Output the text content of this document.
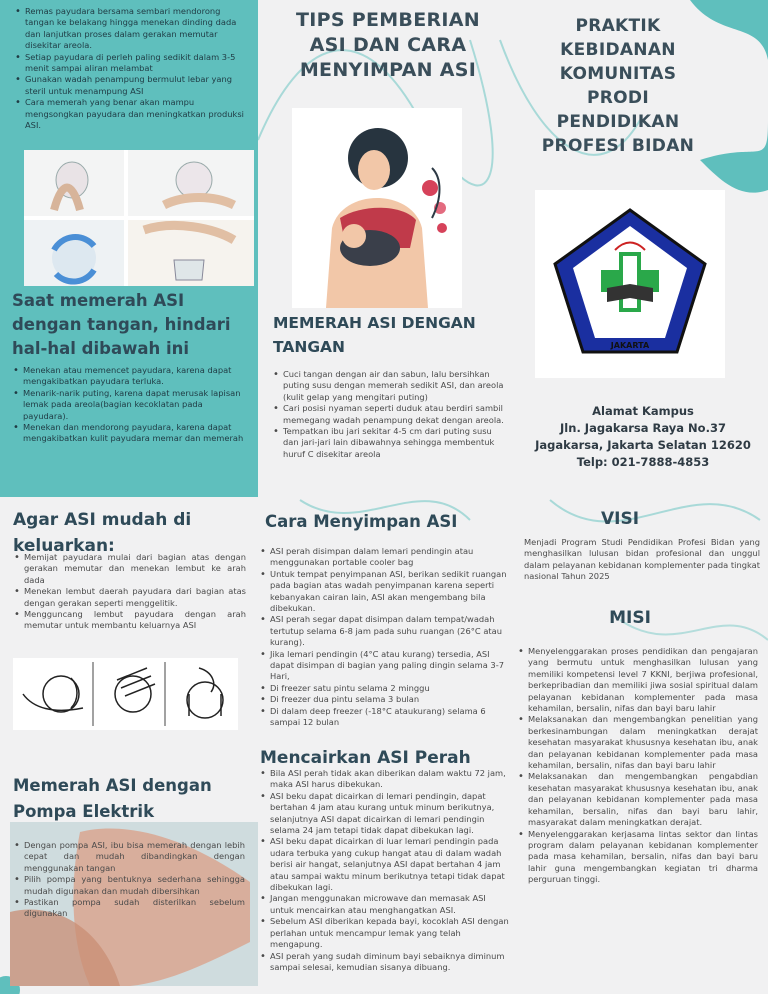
• Remas payudara bersama sembari mendorong tangan ke belakang hingga menekan dinding dada dan lanjutkan proses dalam gerakan memutar disekitar areola.
• Setiap payudara di perleh paling sedikit dalam 3-5 menit sampai aliran melambat
• Gunakan wadah penampung bermulut lebar yang steril untuk menampung ASI
• Cara memerah yang benar akan mampu mengsongkan payudara dan meningkatkan produksi ASI.
Saat memerah ASI dengan tangan, hindari hal-hal dibawah ini
• Menekan atau memencet payudara, karena dapat mengakibatkan payudara terluka.
• Menarik-narik puting, karena dapat merusak lapisan lemak pada areola(bagian kecoklatan pada payudara).
• Menekan dan mendorong payudara, karena dapat mengakibatkan kulit payudara memar dan memerah
TIPS PEMBERIAN ASI DAN CARA MENYIMPAN ASI
MEMERAH ASI DENGAN TANGAN
• Cuci tangan dengan air dan sabun, lalu bersihkan puting susu dengan memerah sedikit ASI, dan areola (kulit gelap yang mengitari puting)
• Cari posisi nyaman seperti duduk atau berdiri sambil memegang wadah penampung dekat dengan areola.
• Tempatkan ibu jari sekitar 4-5 cm dari puting susu dan jari-jari lain dibawahnya sehingga membentuk huruf C disekitar areola
PRAKTIK KEBIDANAN KOMUNITAS PRODI PENDIDIKAN PROFESI BIDAN
JAKARTA
Alamat Kampus
Jln. Jagakarsa Raya No.37
Jagakarsa, Jakarta Selatan 12620
Telp: 021-7888-4853
Agar ASI mudah di keluarkan:
• Memijat payudara mulai dari bagian atas dengan gerakan memutar dan menekan lembut ke arah dada
• Menekan lembut daerah payudara dari bagian atas dengan gerakan seperti menggelitik.
• Mengguncang lembut payudara dengan arah memutar untuk membantu keluarnya ASI
Memerah ASI dengan Pompa Elektrik
• Dengan pompa ASI, ibu bisa memerah dengan lebih cepat dan mudah dibandingkan dengan menggunakan tangan
• Pilih pompa yang bentuknya sederhana sehingga mudah digunakan dan mudah dibersihkan
• Pastikan pompa sudah disterilkan sebelum digunakan
Cara Menyimpan ASI
• ASI perah disimpan dalam lemari pendingin atau menggunakan portable cooler bag
• Untuk tempat penyimpanan ASI, berikan sedikit ruangan pada bagian atas wadah penyimpanan karena seperti kebanyakan cairan lain, ASI akan mengembang bila dibekukan.
• ASI perah segar dapat disimpan dalam tempat/wadah tertutup selama 6-8 jam pada suhu ruangan (26°C atau kurang).
• Jika lemari pendingin (4°C atau kurang) tersedia, ASI dapat disimpan di bagian yang paling dingin selama 3-7 Hari,
• Di freezer satu pintu selama 2 minggu
• Di freezer dua pintu selama 3 bulan
• Di dalam deep freezer (-18°C ataukurang) selama 6 sampai 12 bulan
Mencairkan ASI Perah
• Bila ASI perah tidak akan diberikan dalam waktu 72 jam, maka ASI harus dibekukan.
• ASI beku dapat dicairkan di lemari pendingin, dapat bertahan 4 jam atau kurang untuk minum berikutnya, selanjutnya ASI dapat dicairkan di lemari pendingin selama 24 jam tetapi tidak dapat dibekukan lagi.
• ASI beku dapat dicairkan di luar lemari pendingin pada udara terbuka yang cukup hangat atau di dalam wadah berisi air hangat, selanjutnya ASI dapat bertahan 4 jam atau sampai waktu minum berikutnya tetapi tidak dapat dibekukan lagi.
• Jangan menggunakan microwave dan memasak ASI untuk mencairkan atau menghangatkan ASI.
• Sebelum ASI diberikan kepada bayi, kocoklah ASI dengan perlahan untuk mencampur lemak yang telah mengapung.
• ASI perah yang sudah diminum bayi sebaiknya diminum sampai selesai, kemudian sisanya dibuang.
VISI
Menjadi Program Studi Pendidikan Profesi Bidan yang menghasilkan lulusan bidan profesional dan unggul dalam pelayanan kebidanan komplementer pada tingkat nasional Tahun 2025
MISI
• Menyelenggarakan proses pendidikan dan pengajaran yang bermutu untuk menghasilkan lulusan yang memiliki kompetensi level 7 KKNI, berjiwa profesional, berkepribadian dan memiliki jiwa sosial spiritual dalam pelayanan kebidanan komplementer pada masa kehamilan, bersalin, nifas dan bayi baru lahir
• Melaksanakan dan mengembangkan penelitian yang berkesinambungan dalam meningkatkan derajat kesehatan masyarakat khususnya kesehatan ibu, anak dan pelayanan kebidanan komplementer pada masa kehamilan, bersalin, nifas dan bayi baru lahir
• Melaksanakan dan mengembangkan pengabdian kesehatan masyarakat khususnya kesehatan ibu, anak dan pelayanan kebidanan komplementer pada masa kehamilan, bersalin, nifas dan bayi baru lahir, masyarakat dalam meningkatkan derajat.
• Menyelenggarakan kerjasama lintas sektor dan lintas program dalam pelayanan kebidanan komplementer pada masa kehamilan, bersalin, nifas dan bayi baru lahir guna mengembangkan kegiatan tri dharma perguruan tinggi.
